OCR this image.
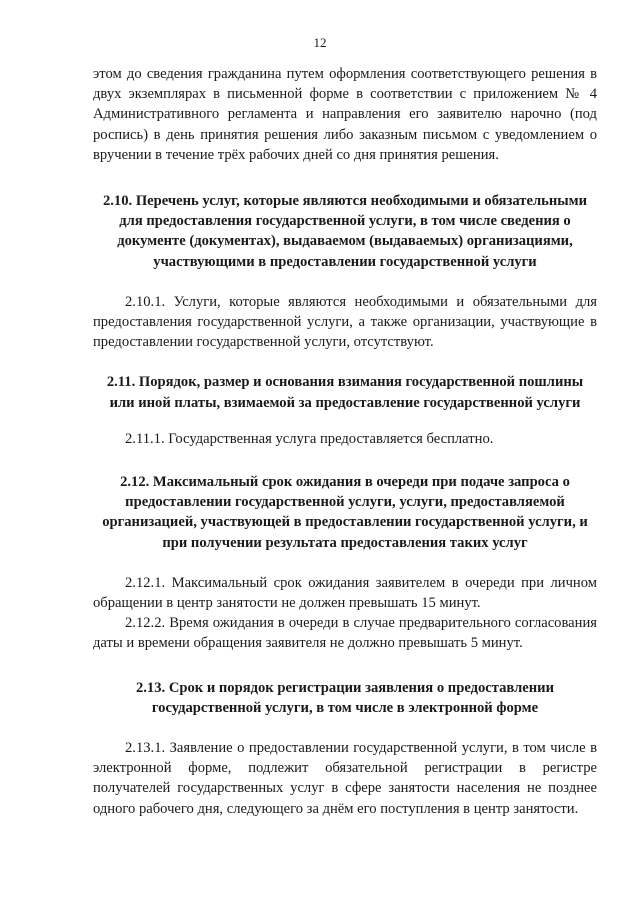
12

этом до сведения гражданина путем оформления соответствующего решения в двух экземплярах в письменной форме в соответствии с приложением № 4 Административного регламента и направления его заявителю нарочно (под роспись) в день принятия решения либо заказным письмом с уведомлением о вручении в течение трёх рабочих дней со дня принятия решения.

2.10. Перечень услуг, которые являются необходимыми и обязательными для предоставления государственной услуги, в том числе сведения о документе (документах), выдаваемом (выдаваемых) организациями, участвующими в предоставлении государственной услуги

2.10.1. Услуги, которые являются необходимыми и обязательными для предоставления государственной услуги, а также организации, участвующие в предоставлении государственной услуги, отсутствуют.

2.11. Порядок, размер и основания взимания государственной пошлины или иной платы, взимаемой за предоставление государственной услуги

2.11.1. Государственная услуга предоставляется бесплатно.

2.12. Максимальный срок ожидания в очереди при подаче запроса о предоставлении государственной услуги, услуги, предоставляемой организацией, участвующей в предоставлении государственной услуги, и при получении результата предоставления таких услуг

2.12.1. Максимальный срок ожидания заявителем в очереди при личном обращении в центр занятости не должен превышать 15 минут.

2.12.2. Время ожидания в очереди в случае предварительного согласования даты и времени обращения заявителя не должно превышать 5 минут.

2.13. Срок и порядок регистрации заявления о предоставлении государственной услуги, в том числе в электронной форме

2.13.1. Заявление о предоставлении государственной услуги, в том числе в электронной форме, подлежит обязательной регистрации в регистре получателей государственных услуг в сфере занятости населения не позднее одного рабочего дня, следующего за днём его поступления в центр занятости.
